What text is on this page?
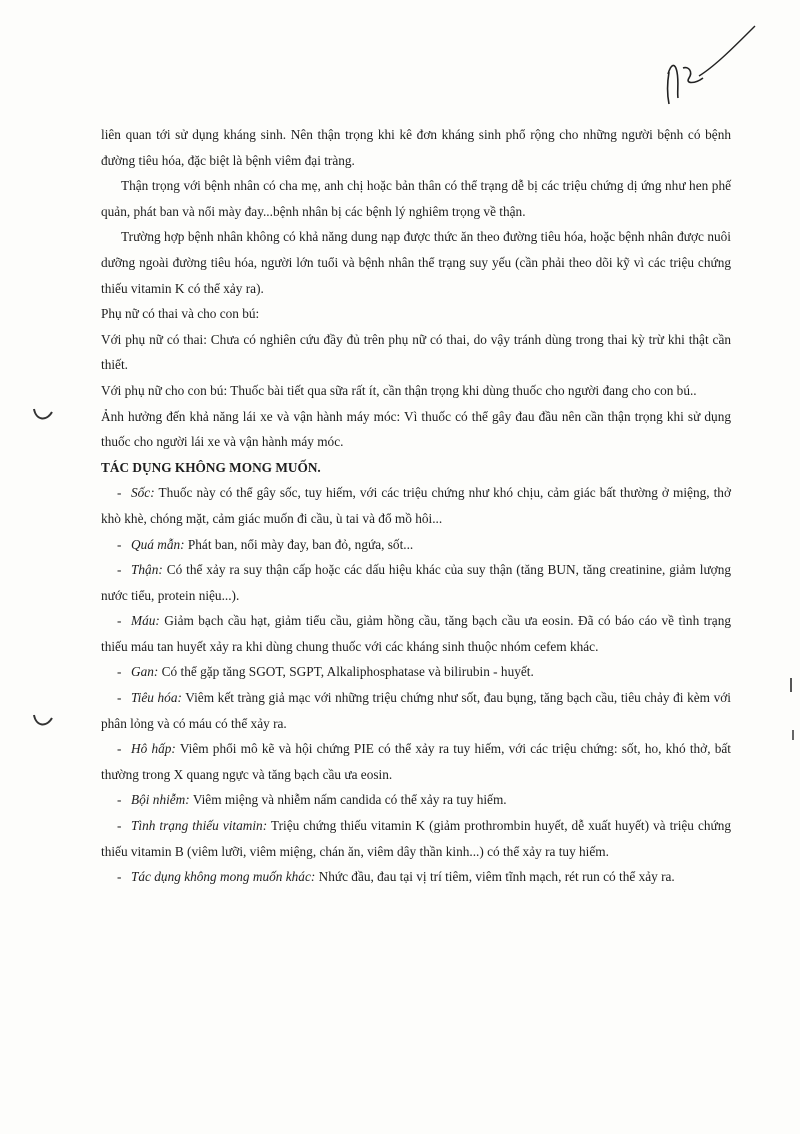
liên quan tới sử dụng kháng sinh. Nên thận trọng khi kê đơn kháng sinh phổ rộng cho những người bệnh có bệnh đường tiêu hóa, đặc biệt là bệnh viêm đại tràng.

Thận trọng với bệnh nhân có cha mẹ, anh chị hoặc bản thân có thể trạng dễ bị các triệu chứng dị ứng như hen phế quản, phát ban và nổi mày đay...bệnh nhân bị các bệnh lý nghiêm trọng về thận.

Trường hợp bệnh nhân không có khả năng dung nạp được thức ăn theo đường tiêu hóa, hoặc bệnh nhân được nuôi dưỡng ngoài đường tiêu hóa, người lớn tuổi và bệnh nhân thể trạng suy yếu (cần phải theo dõi kỹ vì các triệu chứng thiếu vitamin K có thể xảy ra).

Phụ nữ có thai và cho con bú:

Với phụ nữ có thai: Chưa có nghiên cứu đầy đủ trên phụ nữ có thai, do vậy tránh dùng trong thai kỳ trừ khi thật cần thiết.

Với phụ nữ cho con bú: Thuốc bài tiết qua sữa rất ít, cần thận trọng khi dùng thuốc cho người đang cho con bú..

Ảnh hưởng đến khả năng lái xe và vận hành máy móc: Vì thuốc có thể gây đau đầu nên cần thận trọng khi sử dụng thuốc cho người lái xe và vận hành máy móc.

TÁC DỤNG KHÔNG MONG MUỐN.

- Sốc: Thuốc này có thể gây sốc, tuy hiếm, với các triệu chứng như khó chịu, cảm giác bất thường ở miệng, thở khò khè, chóng mặt, cảm giác muốn đi cầu, ù tai và đổ mồ hôi...

- Quá mẫn: Phát ban, nổi mày đay, ban đỏ, ngứa, sốt...

- Thận: Có thể xảy ra suy thận cấp hoặc các dấu hiệu khác của suy thận (tăng BUN, tăng creatinine, giảm lượng nước tiểu, protein niệu...).

- Máu: Giảm bạch cầu hạt, giảm tiểu cầu, giảm hồng cầu, tăng bạch cầu ưa eosin. Đã có báo cáo về tình trạng thiếu máu tan huyết xảy ra khi dùng chung thuốc với các kháng sinh thuộc nhóm cefem khác.

- Gan: Có thể gặp tăng SGOT, SGPT, Alkaliphosphatase và bilirubin - huyết.

- Tiêu hóa: Viêm kết tràng giả mạc với những triệu chứng như sốt, đau bụng, tăng bạch cầu, tiêu chảy đi kèm với phân lỏng và có máu có thể xảy ra.

- Hô hấp: Viêm phổi mô kẽ và hội chứng PIE có thể xảy ra tuy hiếm, với các triệu chứng: sốt, ho, khó thở, bất thường trong X quang ngực và tăng bạch cầu ưa eosin.

- Bội nhiễm: Viêm miệng và nhiễm nấm candida có thể xảy ra tuy hiếm.

- Tình trạng thiếu vitamin: Triệu chứng thiếu vitamin K (giảm prothrombin huyết, dễ xuất huyết) và triệu chứng thiếu vitamin B (viêm lưỡi, viêm miệng, chán ăn, viêm dây thần kinh...) có thể xảy ra tuy hiếm.

- Tác dụng không mong muốn khác: Nhức đầu, đau tại vị trí tiêm, viêm tĩnh mạch, rét run có thể xảy ra.
